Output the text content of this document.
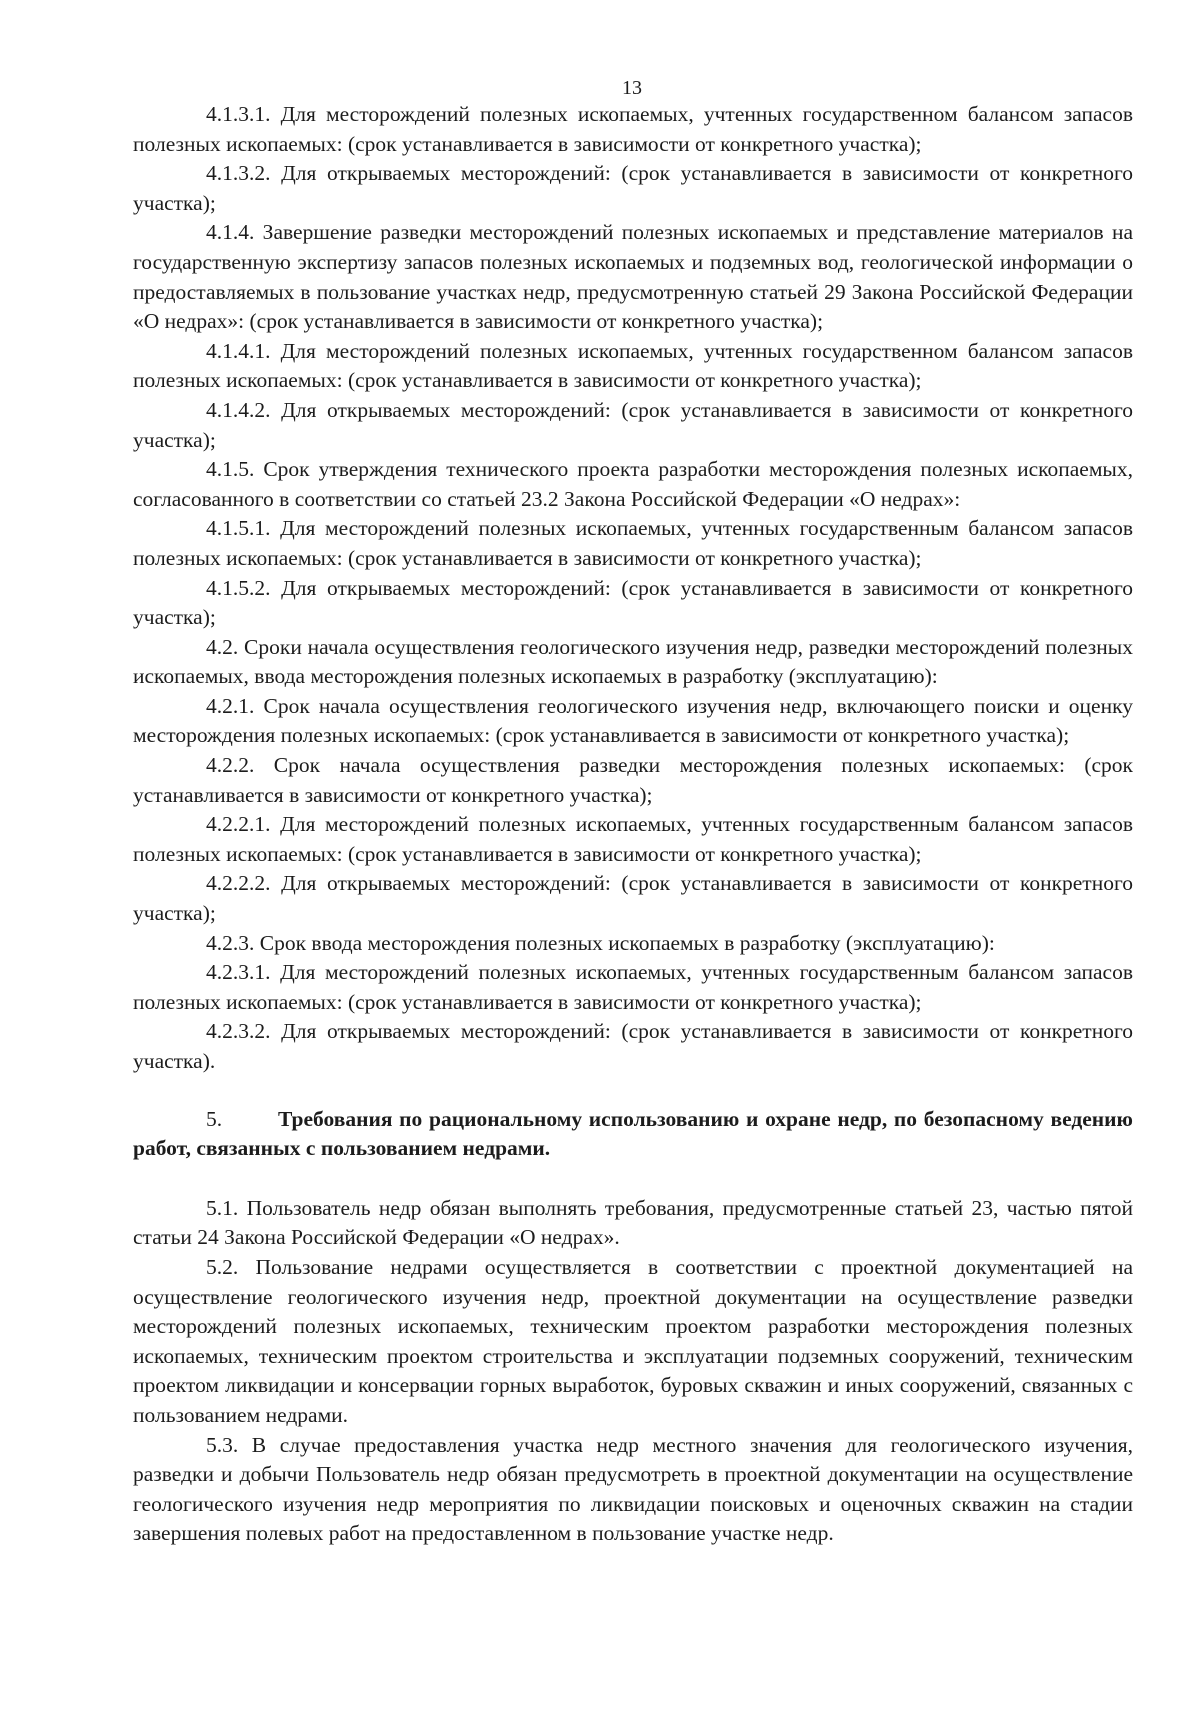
13

4.1.3.1. Для месторождений полезных ископаемых, учтенных государственном балансом запасов полезных ископаемых: (срок устанавливается в зависимости от конкретного участка);

4.1.3.2. Для открываемых месторождений: (срок устанавливается в зависимости от конкретного участка);

4.1.4. Завершение разведки месторождений полезных ископаемых и представление материалов на государственную экспертизу запасов полезных ископаемых и подземных вод, геологической информации о предоставляемых в пользование участках недр, предусмотренную статьей 29 Закона Российской Федерации «О недрах»: (срок устанавливается в зависимости от конкретного участка);

4.1.4.1. Для месторождений полезных ископаемых, учтенных государственном балансом запасов полезных ископаемых: (срок устанавливается в зависимости от конкретного участка);

4.1.4.2. Для открываемых месторождений: (срок устанавливается в зависимости от конкретного участка);

4.1.5. Срок утверждения технического проекта разработки месторождения полезных ископаемых, согласованного в соответствии со статьей 23.2 Закона Российской Федерации «О недрах»:

4.1.5.1. Для месторождений полезных ископаемых, учтенных государственным балансом запасов полезных ископаемых: (срок устанавливается в зависимости от конкретного участка);

4.1.5.2. Для открываемых месторождений: (срок устанавливается в зависимости от конкретного участка);

4.2. Сроки начала осуществления геологического изучения недр, разведки месторождений полезных ископаемых, ввода месторождения полезных ископаемых в разработку (эксплуатацию):

4.2.1. Срок начала осуществления геологического изучения недр, включающего поиски и оценку месторождения полезных ископаемых: (срок устанавливается в зависимости от конкретного участка);

4.2.2. Срок начала осуществления разведки месторождения полезных ископаемых: (срок устанавливается в зависимости от конкретного участка);

4.2.2.1. Для месторождений полезных ископаемых, учтенных государственным балансом запасов полезных ископаемых: (срок устанавливается в зависимости от конкретного участка);

4.2.2.2. Для открываемых месторождений: (срок устанавливается в зависимости от конкретного участка);

4.2.3. Срок ввода месторождения полезных ископаемых в разработку (эксплуатацию):

4.2.3.1. Для месторождений полезных ископаемых, учтенных государственным балансом запасов полезных ископаемых: (срок устанавливается в зависимости от конкретного участка);

4.2.3.2. Для открываемых месторождений: (срок устанавливается в зависимости от конкретного участка).

5.	Требования по рациональному использованию и охране недр, по безопасному ведению работ, связанных с пользованием недрами.

5.1. Пользователь недр обязан выполнять требования, предусмотренные статьей 23, частью пятой статьи 24 Закона Российской Федерации «О недрах».

5.2. Пользование недрами осуществляется в соответствии с проектной документацией на осуществление геологического изучения недр, проектной документации на осуществление разведки месторождений полезных ископаемых, техническим проектом разработки месторождения полезных ископаемых, техническим проектом строительства и эксплуатации подземных сооружений, техническим проектом ликвидации и консервации горных выработок, буровых скважин и иных сооружений, связанных с пользованием недрами.

5.3. В случае предоставления участка недр местного значения для геологического изучения, разведки и добычи Пользователь недр обязан предусмотреть в проектной документации на осуществление геологического изучения недр мероприятия по ликвидации поисковых и оценочных скважин на стадии завершения полевых работ на предоставленном в пользование участке недр.
